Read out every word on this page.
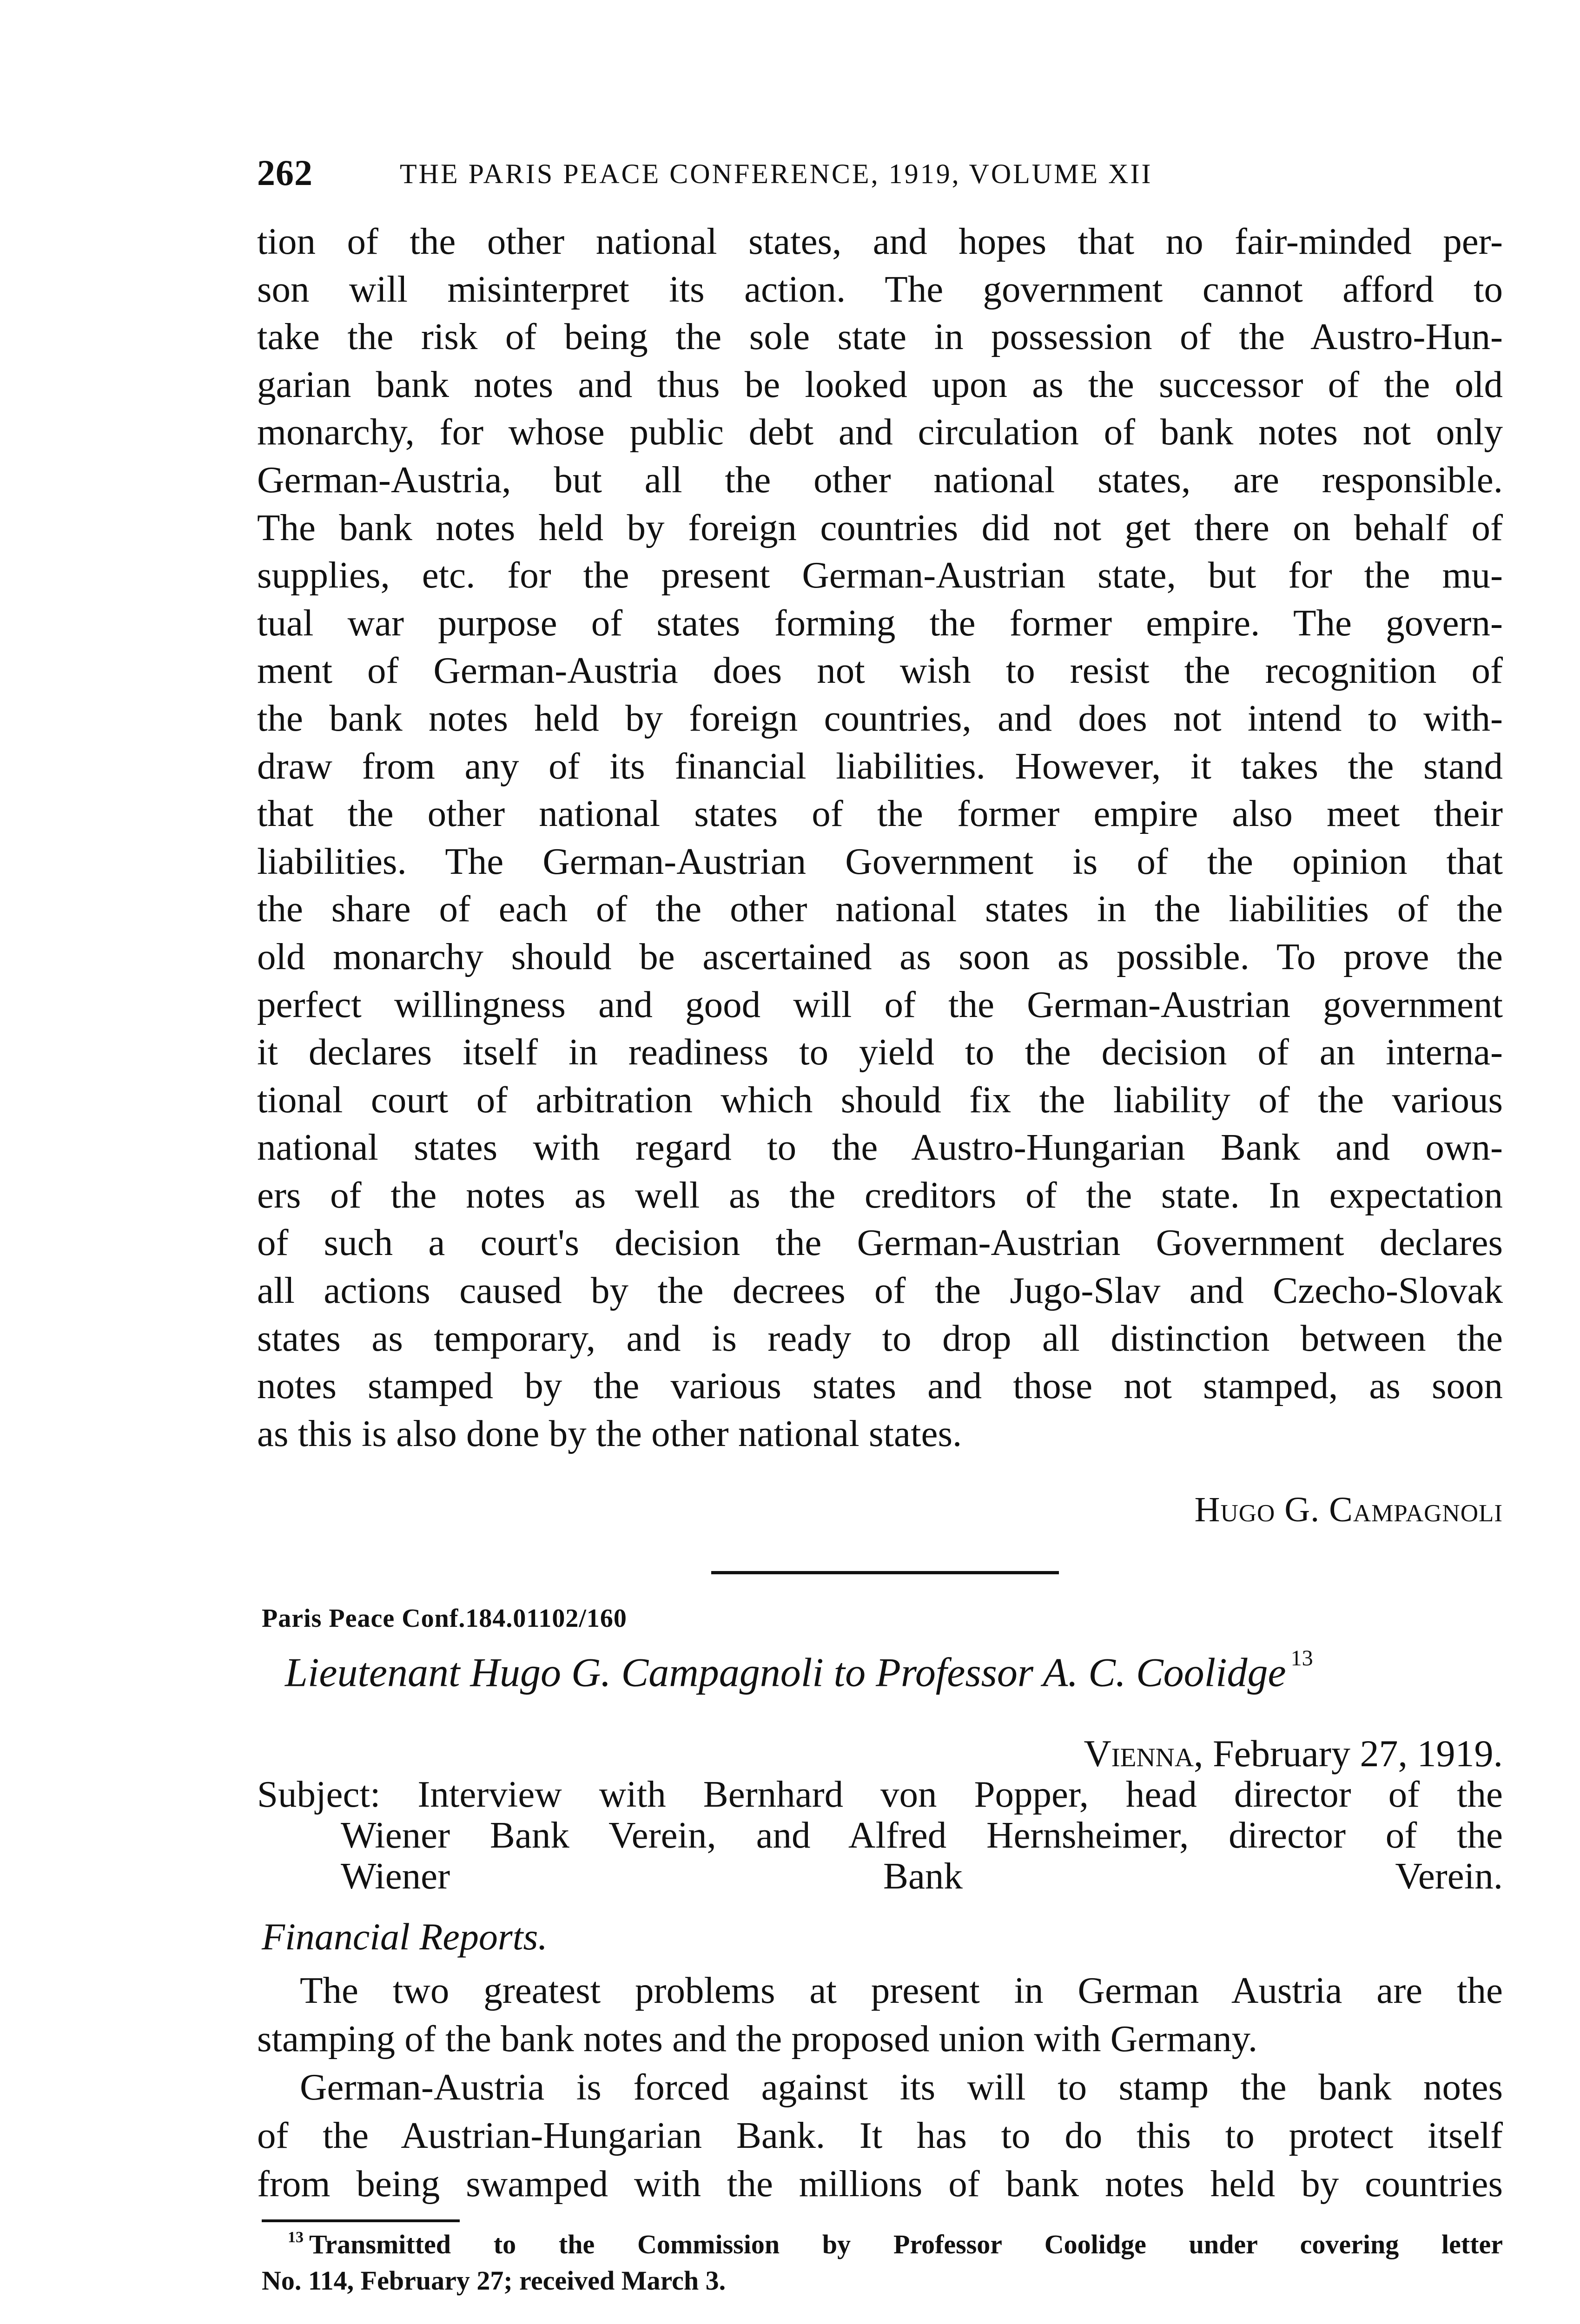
262	THE PARIS PEACE CONFERENCE, 1919, VOLUME XII
tion of the other national states, and hopes that no fair-minded per-
son will misinterpret its action. The government cannot afford to
take the risk of being the sole state in possession of the Austro-Hun-
garian bank notes and thus be looked upon as the successor of the old
monarchy, for whose public debt and circulation of bank notes not only
German-Austria, but all the other national states, are responsible.
The bank notes held by foreign countries did not get there on behalf of
supplies, etc. for the present German-Austrian state, but for the mu-
tual war purpose of states forming the former empire. The govern-
ment of German-Austria does not wish to resist the recognition of
the bank notes held by foreign countries, and does not intend to with-
draw from any of its financial liabilities. However, it takes the stand
that the other national states of the former empire also meet their
liabilities. The German-Austrian Government is of the opinion that
the share of each of the other national states in the liabilities of the
old monarchy should be ascertained as soon as possible. To prove the
perfect willingness and good will of the German-Austrian government
it declares itself in readiness to yield to the decision of an interna-
tional court of arbitration which should fix the liability of the various
national states with regard to the Austro-Hungarian Bank and own-
ers of the notes as well as the creditors of the state. In expectation
of such a court's decision the German-Austrian Government declares
all actions caused by the decrees of the Jugo-Slav and Czecho-Slovak
states as temporary, and is ready to drop all distinction between the
notes stamped by the various states and those not stamped, as soon
as this is also done by the other national states.
Hugo G. Campagnoli
Paris Peace Conf.184.01102/160
Lieutenant Hugo G. Campagnoli to Professor A. C. Coolidge $^{13}$
Vienna, February 27, 1919.
Subject: Interview with Bernhard von Popper, head director of the
Wiener Bank Verein, and Alfred Hernsheimer, director of the
Wiener Bank Verein.
Financial Reports.
The two greatest problems at present in German Austria are the
stamping of the bank notes and the proposed union with Germany.
German-Austria is forced against its will to stamp the bank notes
of the Austrian-Hungarian Bank. It has to do this to protect itself
from being swamped with the millions of bank notes held by countries
$^{13}$ Transmitted to the Commission by Professor Coolidge under covering letter
No. 114, February 27; received March 3.
